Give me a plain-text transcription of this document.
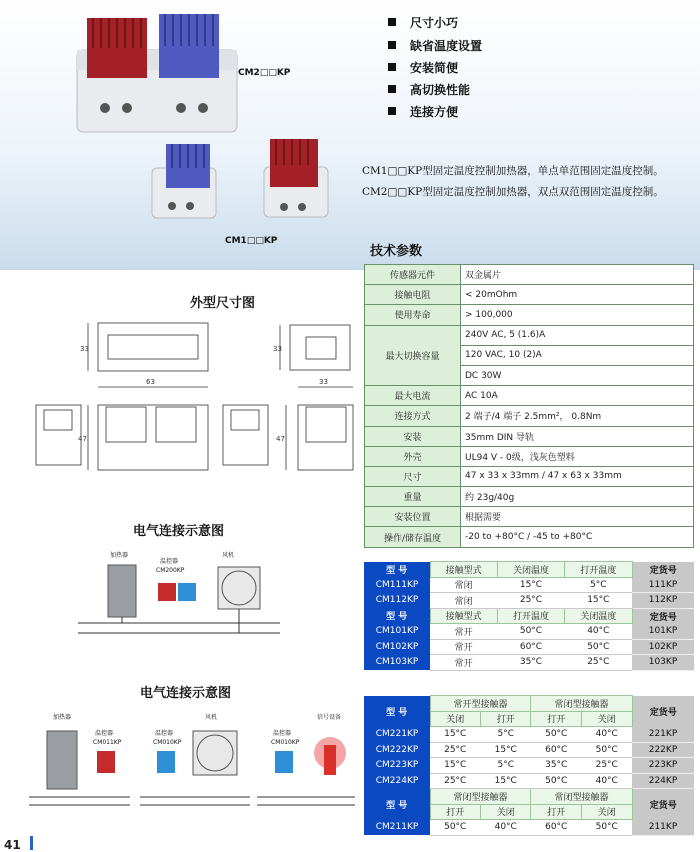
CM2□□KP
CM1□□KP
尺寸小巧
缺省温度设置
安装简便
高切换性能
连接方便
CM1□□KP型固定温度控制加热器，单点单范围固定温度控制。
CM2□□KP型固定温度控制加热器，双点双范围固定温度控制。
技术参数
传感器元件	双金属片
接触电阻	< 20mOhm
使用寿命	> 100,000
最大切换容量	240V AC, 5 (1.6)A
	120 VAC, 10 (2)A
	DC 30W
最大电流	AC 10A
连接方式	2 端子/4 端子 2.5mm²， 0.8Nm
安装	35mm DIN 导轨
外壳	UL94 V - 0级，浅灰色塑料
尺寸	47 x 33 x 33mm / 47 x 63 x 33mm
重量	约 23g/40g
安装位置	根据需要
操作/储存温度	-20 to +80°C / -45 to +80°C
型 号	接触型式	关闭温度	打开温度	定货号
CM111KP	常闭	15°C	5°C	111KP
CM112KP	常闭	25°C	15°C	112KP
型 号	接触型式	打开温度	关闭温度	定货号
CM101KP	常开	50°C	40°C	101KP
CM102KP	常开	60°C	50°C	102KP
CM103KP	常开	35°C	25°C	103KP
型 号	常开型接触器		常闭型接触器		定货号
	关闭	打开	打开	关闭	
CM221KP	15°C	5°C	50°C	40°C	221KP
CM222KP	25°C	15°C	60°C	50°C	222KP
CM223KP	15°C	5°C	35°C	25°C	223KP
CM224KP	25°C	15°C	50°C	40°C	224KP
型 号	常闭型接触器		常闭型接触器		定货号
	打开	关闭	打开	关闭	
CM211KP	50°C	40°C	60°C	50°C	211KP
外型尺寸图
33	33
63	33
47	47
电气连接示意图
加热器
温控器
CM200KP
风机
电气连接示意图
加热器
温控器
CM011KP
温控器
CM010KP
风机
温控器
CM010KP
信号设备
41
